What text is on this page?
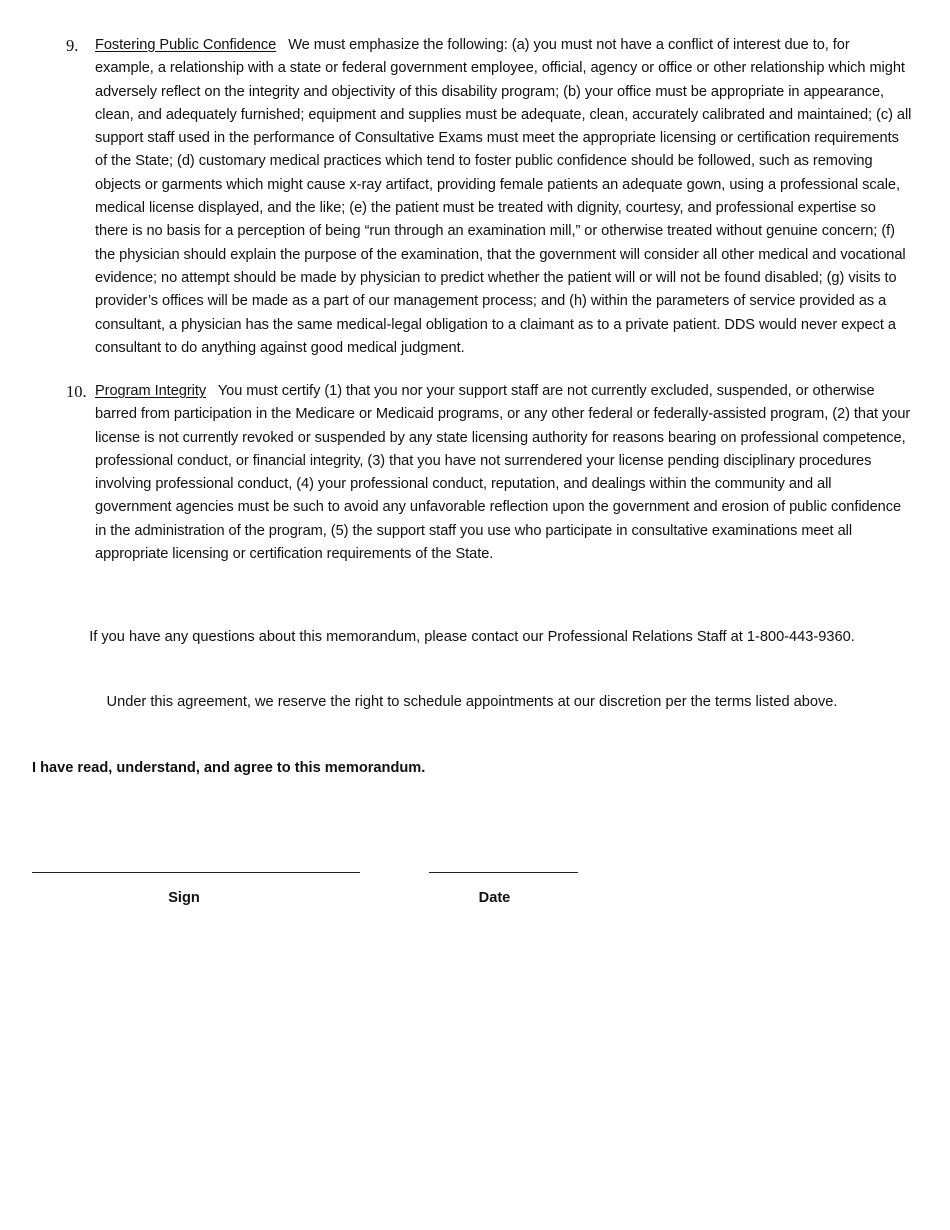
9. Fostering Public Confidence We must emphasize the following: (a) you must not have a conflict of interest due to, for example, a relationship with a state or federal government employee, official, agency or office or other relationship which might adversely reflect on the integrity and objectivity of this disability program; (b) your office must be appropriate in appearance, clean, and adequately furnished; equipment and supplies must be adequate, clean, accurately calibrated and maintained; (c) all support staff used in the performance of Consultative Exams must meet the appropriate licensing or certification requirements of the State; (d) customary medical practices which tend to foster public confidence should be followed, such as removing objects or garments which might cause x-ray artifact, providing female patients an adequate gown, using a professional scale, medical license displayed, and the like; (e) the patient must be treated with dignity, courtesy, and professional expertise so there is no basis for a perception of being “run through an examination mill,” or otherwise treated without genuine concern; (f) the physician should explain the purpose of the examination, that the government will consider all other medical and vocational evidence; no attempt should be made by physician to predict whether the patient will or will not be found disabled; (g) visits to provider’s offices will be made as a part of our management process; and (h) within the parameters of service provided as a consultant, a physician has the same medical-legal obligation to a claimant as to a private patient. DDS would never expect a consultant to do anything against good medical judgment.
10. Program Integrity You must certify (1) that you nor your support staff are not currently excluded, suspended, or otherwise barred from participation in the Medicare or Medicaid programs, or any other federal or federally-assisted program, (2) that your license is not currently revoked or suspended by any state licensing authority for reasons bearing on professional competence, professional conduct, or financial integrity, (3) that you have not surrendered your license pending disciplinary procedures involving professional conduct, (4) your professional conduct, reputation, and dealings within the community and all government agencies must be such to avoid any unfavorable reflection upon the government and erosion of public confidence in the administration of the program, (5) the support staff you use who participate in consultative examinations meet all appropriate licensing or certification requirements of the State.
If you have any questions about this memorandum, please contact our Professional Relations Staff at 1-800-443-9360.
Under this agreement, we reserve the right to schedule appointments at our discretion per the terms listed above.
I have read, understand, and agree to this memorandum.
Sign	Date
